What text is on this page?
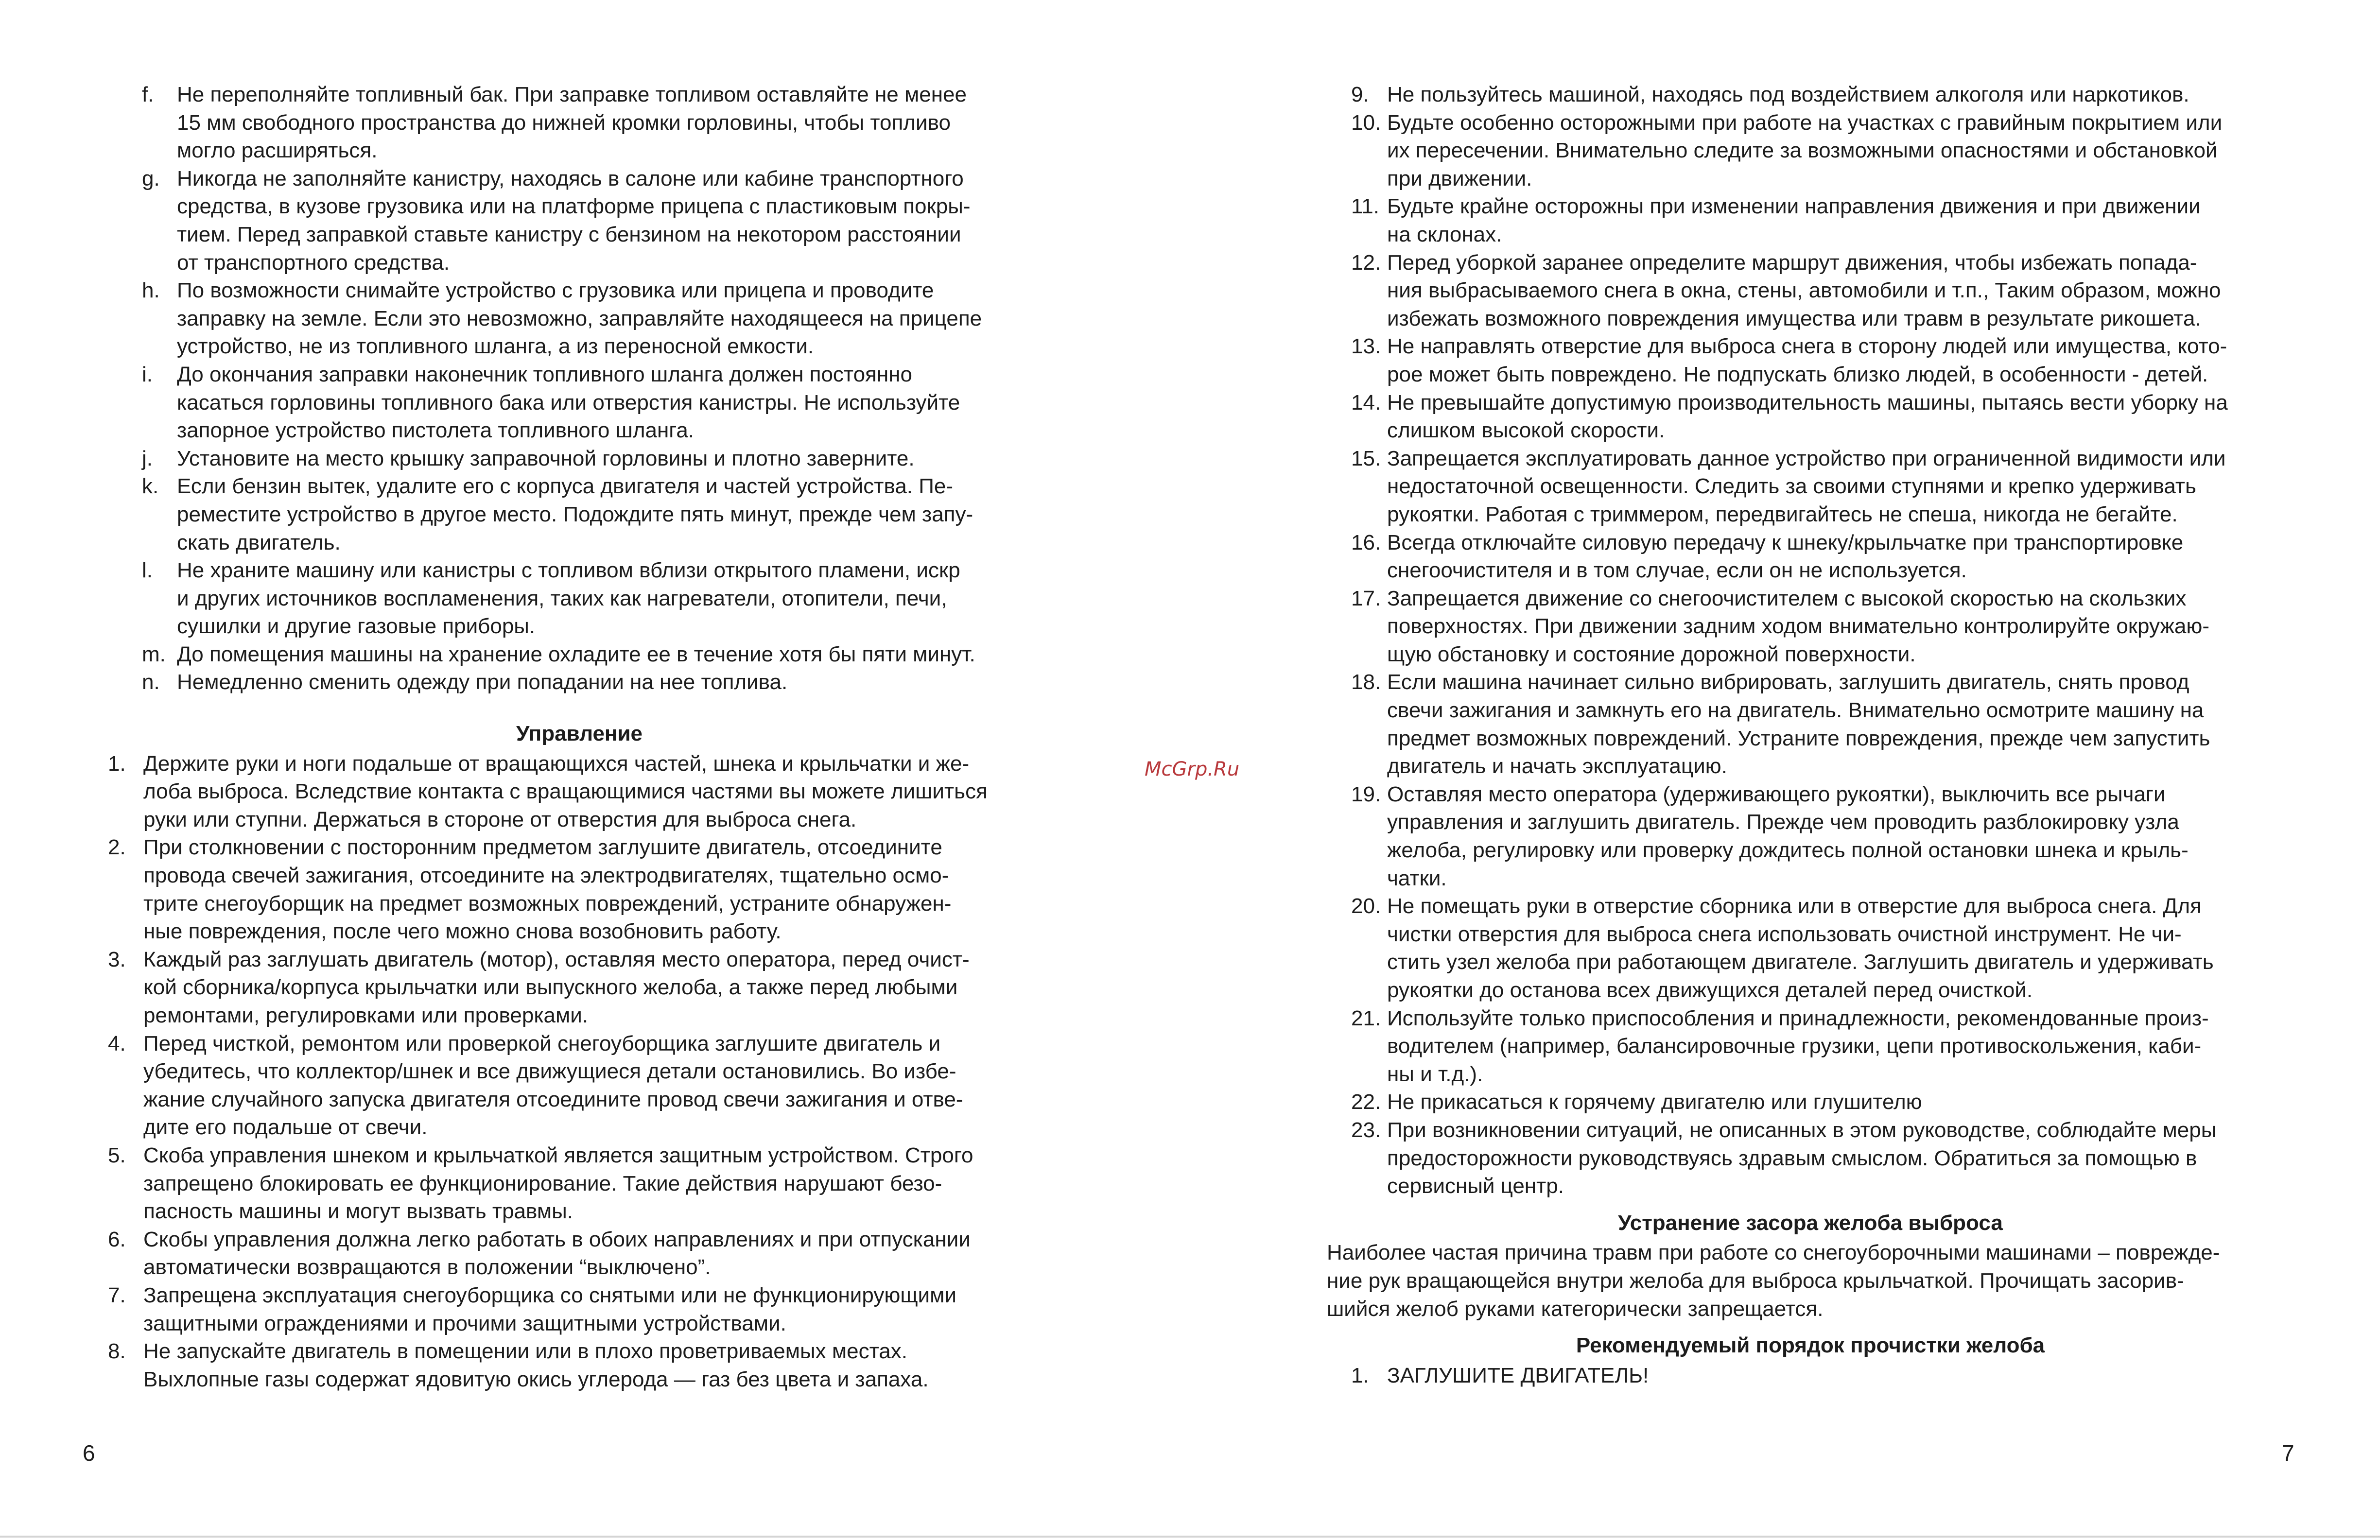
f. Не переполняйте топливный бак. При заправке топливом оставляйте не менее
15 мм свободного пространства до нижней кромки горловины, чтобы топливо
могло расширяться.
g. Никогда не заполняйте канистру, находясь в салоне или кабине транспортного
средства, в кузове грузовика или на платформе прицепа с пластиковым покры-
тием. Перед заправкой ставьте канистру с бензином на некотором расстоянии
от транспортного средства.
h. По возможности снимайте устройство с грузовика или прицепа и проводите
заправку на земле. Если это невозможно, заправляйте находящееся на прицепе
устройство, не из топливного шланга, а из переносной емкости.
i. До окончания заправки наконечник топливного шланга должен постоянно
касаться горловины топливного бака или отверстия канистры. Не используйте
запорное устройство пистолета топливного шланга.
j. Установите на место крышку заправочной горловины и плотно заверните.
k. Если бензин вытек, удалите его с корпуса двигателя и частей устройства. Пе-
реместите устройство в другое место. Подождите пять минут, прежде чем запу-
скать двигатель.
l. Не храните машину или канистры с топливом вблизи открытого пламени, искр
и других источников воспламенения, таких как нагреватели, отопители, печи,
сушилки и другие газовые приборы.
m. До помещения машины на хранение охладите ее в течение хотя бы пяти минут.
n. Немедленно сменить одежду при попадании на нее топлива.
Управление
1. Держите руки и ноги подальше от вращающихся частей, шнека и крыльчатки и же-
лоба выброса. Вследствие контакта с вращающимися частями вы можете лишиться
руки или ступни. Держаться в стороне от отверстия для выброса снега.
2. При столкновении с посторонним предметом заглушите двигатель, отсоедините
провода свечей зажигания, отсоедините на электродвигателях, тщательно осмо-
трите снегоуборщик на предмет возможных повреждений, устраните обнаружен-
ные повреждения, после чего можно снова возобновить работу.
3. Каждый раз заглушать двигатель (мотор), оставляя место оператора, перед очист-
кой сборника/корпуса крыльчатки или выпускного желоба, а также перед любыми
ремонтами, регулировками или проверками.
4. Перед чисткой, ремонтом или проверкой снегоуборщика заглушите двигатель и
убедитесь, что коллектор/шнек и все движущиеся детали остановились. Во избе-
жание случайного запуска двигателя отсоедините провод свечи зажигания и отве-
дите его подальше от свечи.
5. Скоба управления шнеком и крыльчаткой является защитным устройством. Строго
запрещено блокировать ее функционирование. Такие действия нарушают безо-
пасность машины и могут вызвать травмы.
6. Скобы управления должна легко работать в обоих направлениях и при отпускании
автоматически возвращаются в положении “выключено”.
7. Запрещена эксплуатация снегоуборщика со снятыми или не функционирующими
защитными ограждениями и прочими защитными устройствами.
8. Не запускайте двигатель в помещении или в плохо проветриваемых местах.
Выхлопные газы содержат ядовитую окись углерода — газ без цвета и запаха.
McGrp.Ru
9. Не пользуйтесь машиной, находясь под воздействием алкоголя или наркотиков.
10. Будьте особенно осторожными при работе на участках с гравийным покрытием или
их пересечении. Внимательно следите за возможными опасностями и обстановкой
при движении.
11. Будьте крайне осторожны при изменении направления движения и при движении
на склонах.
12. Перед уборкой заранее определите маршрут движения, чтобы избежать попада-
ния выбрасываемого снега в окна, стены, автомобили и т.п., Таким образом, можно
избежать возможного повреждения имущества или травм в результате рикошета.
13. Не направлять отверстие для выброса снега в сторону людей или имущества, кото-
рое может быть повреждено. Не подпускать близко людей, в особенности - детей.
14. Не превышайте допустимую производительность машины, пытаясь вести уборку на
слишком высокой скорости.
15. Запрещается эксплуатировать данное устройство при ограниченной видимости или
недостаточной освещенности. Следить за своими ступнями и крепко удерживать
рукоятки. Работая с триммером, передвигайтесь не спеша, никогда не бегайте.
16. Всегда отключайте силовую передачу к шнеку/крыльчатке при транспортировке
снегоочистителя и в том случае, если он не используется.
17. Запрещается движение со снегоочистителем с высокой скоростью на скользких
поверхностях. При движении задним ходом внимательно контролируйте окружаю-
щую обстановку и состояние дорожной поверхности.
18. Если машина начинает сильно вибрировать, заглушить двигатель, снять провод
свечи зажигания и замкнуть его на двигатель. Внимательно осмотрите машину на
предмет возможных повреждений. Устраните повреждения, прежде чем запустить
двигатель и начать эксплуатацию.
19. Оставляя место оператора (удерживающего рукоятки), выключить все рычаги
управления и заглушить двигатель. Прежде чем проводить разблокировку узла
желоба, регулировку или проверку дождитесь полной остановки шнека и крыль-
чатки.
20. Не помещать руки в отверстие сборника или в отверстие для выброса снега. Для
чистки отверстия для выброса снега использовать очистной инструмент. Не чи-
стить узел желоба при работающем двигателе. Заглушить двигатель и удерживать
рукоятки до останова всех движущихся деталей перед очисткой.
21. Используйте только приспособления и принадлежности, рекомендованные произ-
водителем (например, балансировочные грузики, цепи противоскольжения, каби-
ны и т.д.).
22. Не прикасаться к горячему двигателю или глушителю
23. При возникновении ситуаций, не описанных в этом руководстве, соблюдайте меры
предосторожности руководствуясь здравым смыслом. Обратиться за помощью в
сервисный центр.
Устранение засора желоба выброса

Наиболее частая причина травм при работе со снегоуборочными машинами – поврежде-
ние рук вращающейся внутри желоба для выброса крыльчаткой. Прочищать засорив-
шийся желоб руками категорически запрещается.

Рекомендуемый порядок прочистки желоба
1. ЗАГЛУШИТЕ ДВИГАТЕЛЬ!
6	7
